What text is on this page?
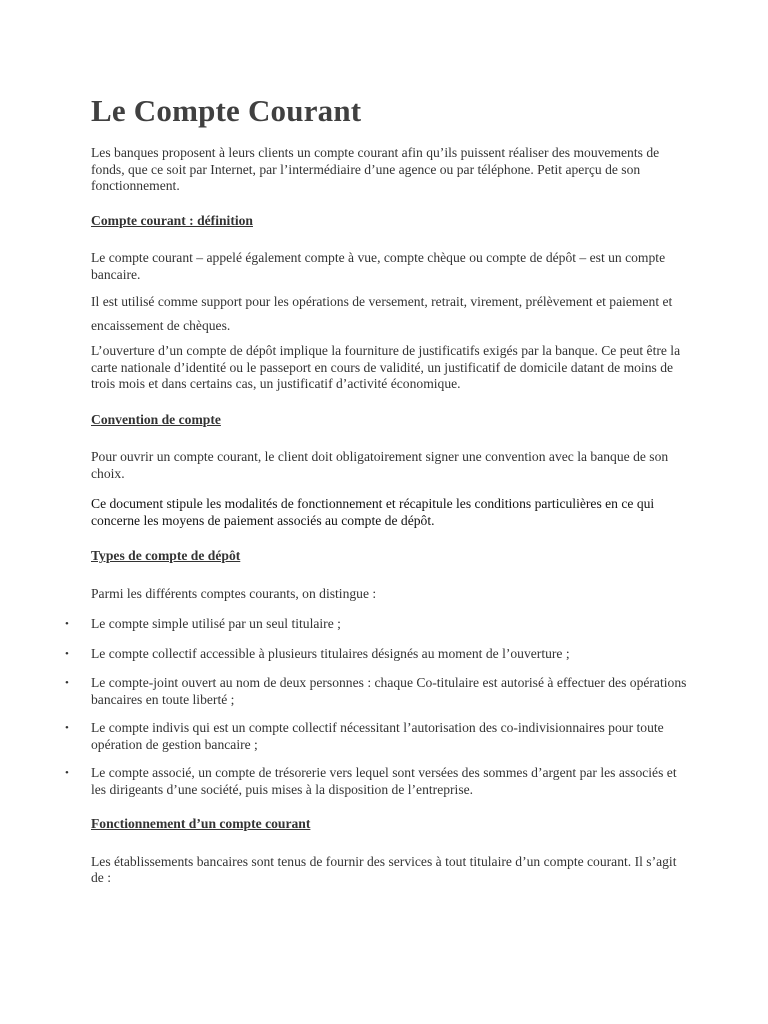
Le Compte Courant

Les banques proposent à leurs clients un compte courant afin qu’ils puissent réaliser des mouvements de fonds, que ce soit par Internet, par l’intermédiaire d’une agence ou par téléphone. Petit aperçu de son fonctionnement.

Compte courant : définition

Le compte courant – appelé également compte à vue, compte chèque ou compte de dépôt – est un compte bancaire.

Il est utilisé comme support pour les opérations de versement, retrait, virement, prélèvement et paiement et encaissement de chèques.

L’ouverture d’un compte de dépôt implique la fourniture de justificatifs exigés par la banque. Ce peut être la carte nationale d’identité ou le passeport en cours de validité, un justificatif de domicile datant de moins de trois mois et dans certains cas, un justificatif d’activité économique.

Convention de compte

Pour ouvrir un compte courant, le client doit obligatoirement signer une convention avec la banque de son choix.

Ce document stipule les modalités de fonctionnement et récapitule les conditions particulières en ce qui concerne les moyens de paiement associés au compte de dépôt.

Types de compte de dépôt

Parmi les différents comptes courants, on distingue :

• Le compte simple utilisé par un seul titulaire ;
• Le compte collectif accessible à plusieurs titulaires désignés au moment de l’ouverture ;
• Le compte-joint ouvert au nom de deux personnes : chaque Co-titulaire est autorisé à effectuer des opérations bancaires en toute liberté ;
• Le compte indivis qui est un compte collectif nécessitant l’autorisation des co-indivisionnaires pour toute opération de gestion bancaire ;
• Le compte associé, un compte de trésorerie vers lequel sont versées des sommes d’argent par les associés et les dirigeants d’une société, puis mises à la disposition de l’entreprise.

Fonctionnement d’un compte courant

Les établissements bancaires sont tenus de fournir des services à tout titulaire d’un compte courant. Il s’agit de :
